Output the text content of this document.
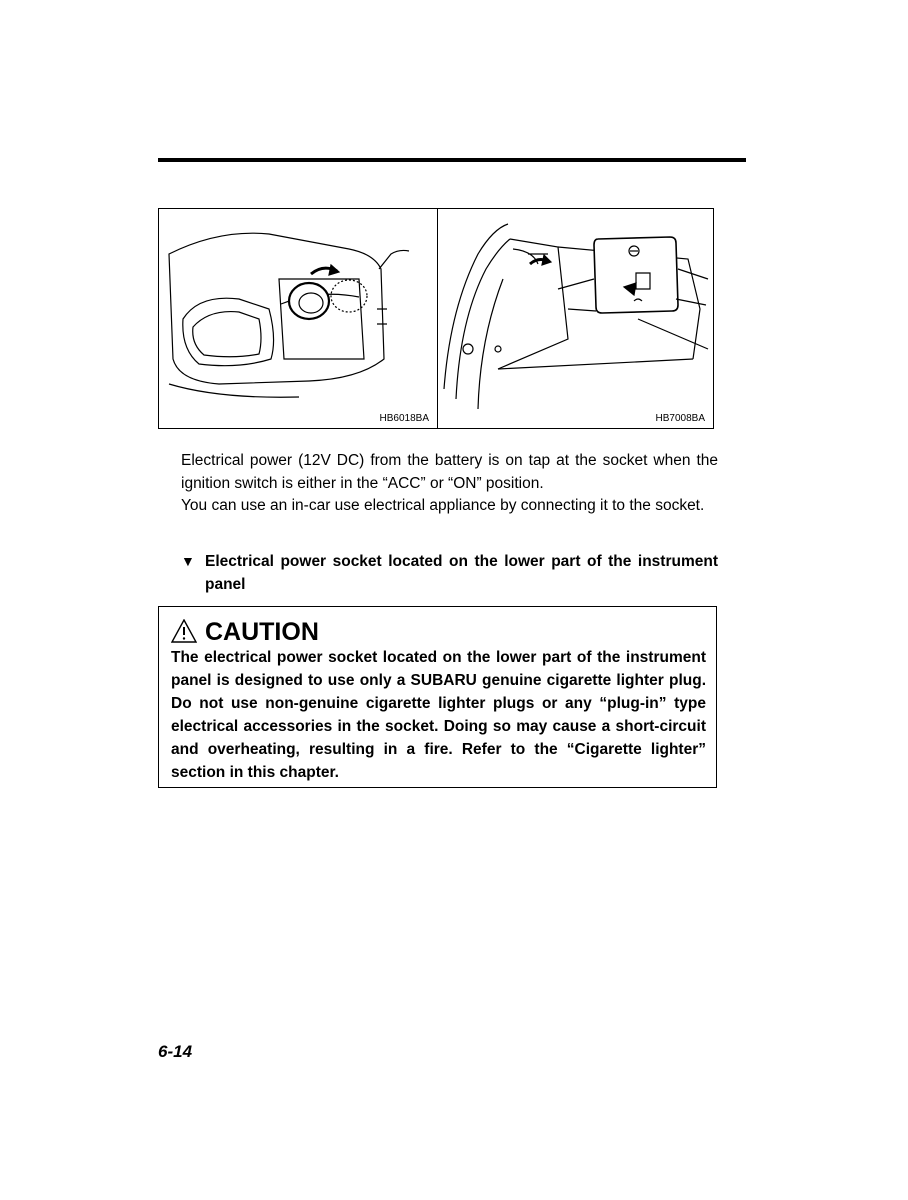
HB6018BA	HB7008BA

Electrical power (12V DC) from the battery is on tap at the socket when the ignition switch is either in the “ACC” or “ON” position.

You can use an in-car use electrical appliance by connecting it to the socket.

▼ Electrical power socket located on the lower part of the instrument panel
CAUTION

The electrical power socket located on the lower part of the instrument panel is designed to use only a SUBARU genuine cigarette lighter plug. Do not use non-genuine cigarette lighter plugs or any “plug-in” type electrical accessories in the socket. Doing so may cause a short-circuit and overheating, resulting in a fire. Refer to the “Cigarette lighter” section in this chapter.

6-14
